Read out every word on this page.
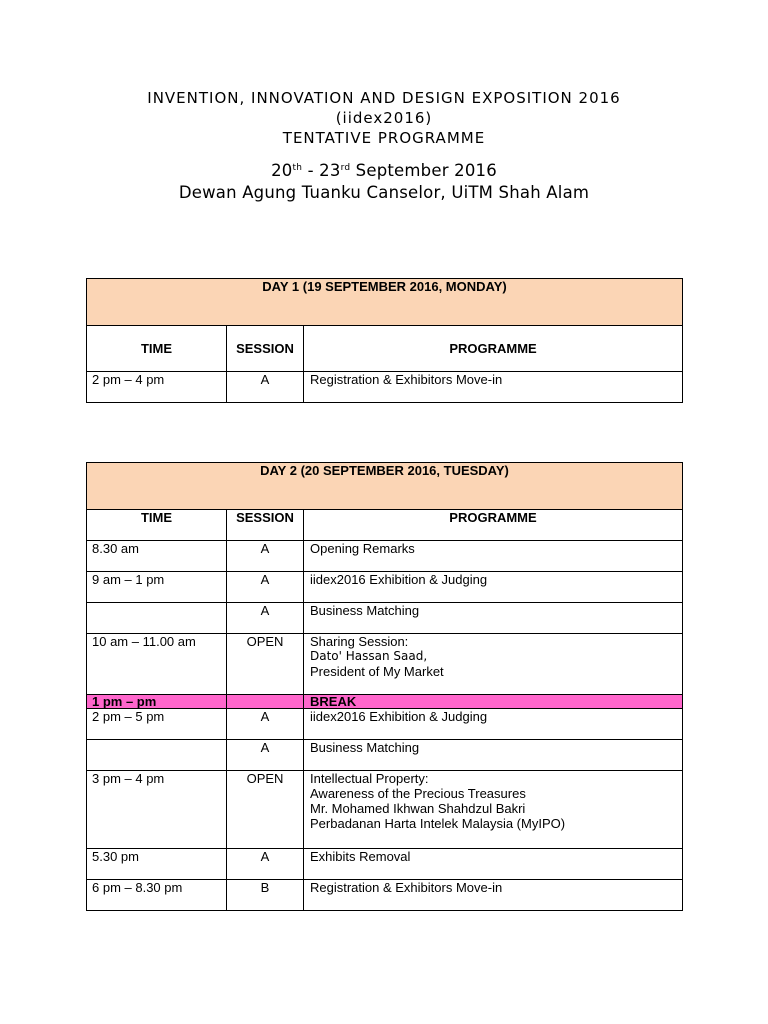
INVENTION, INNOVATION AND DESIGN EXPOSITION 2016
(iidex2016)
TENTATIVE PROGRAMME
20th - 23rd September 2016
Dewan Agung Tuanku Canselor, UiTM Shah Alam
DAY 1 (19 SEPTEMBER 2016, MONDAY)		
TIME	SESSION	PROGRAMME
2 pm – 4 pm	A	Registration & Exhibitors Move-in
DAY 2 (20 SEPTEMBER 2016, TUESDAY)		
TIME	SESSION	PROGRAMME
8.30 am	A	Opening Remarks
9 am – 1 pm	A	iidex2016 Exhibition & Judging
	A	Business Matching
10 am – 11.00 am	OPEN	Sharing Session:
Dato' Hassan Saad,
President of My Market

1 pm – pm		BREAK
2 pm – 5 pm	A	iidex2016 Exhibition & Judging
	A	Business Matching
3 pm – 4 pm	OPEN	Intellectual Property:
Awareness of the Precious Treasures
Mr. Mohamed Ikhwan Shahdzul Bakri
Perbadanan Harta Intelek Malaysia (MyIPO)

5.30 pm	A	Exhibits Removal
6 pm – 8.30 pm	B	Registration & Exhibitors Move-in
